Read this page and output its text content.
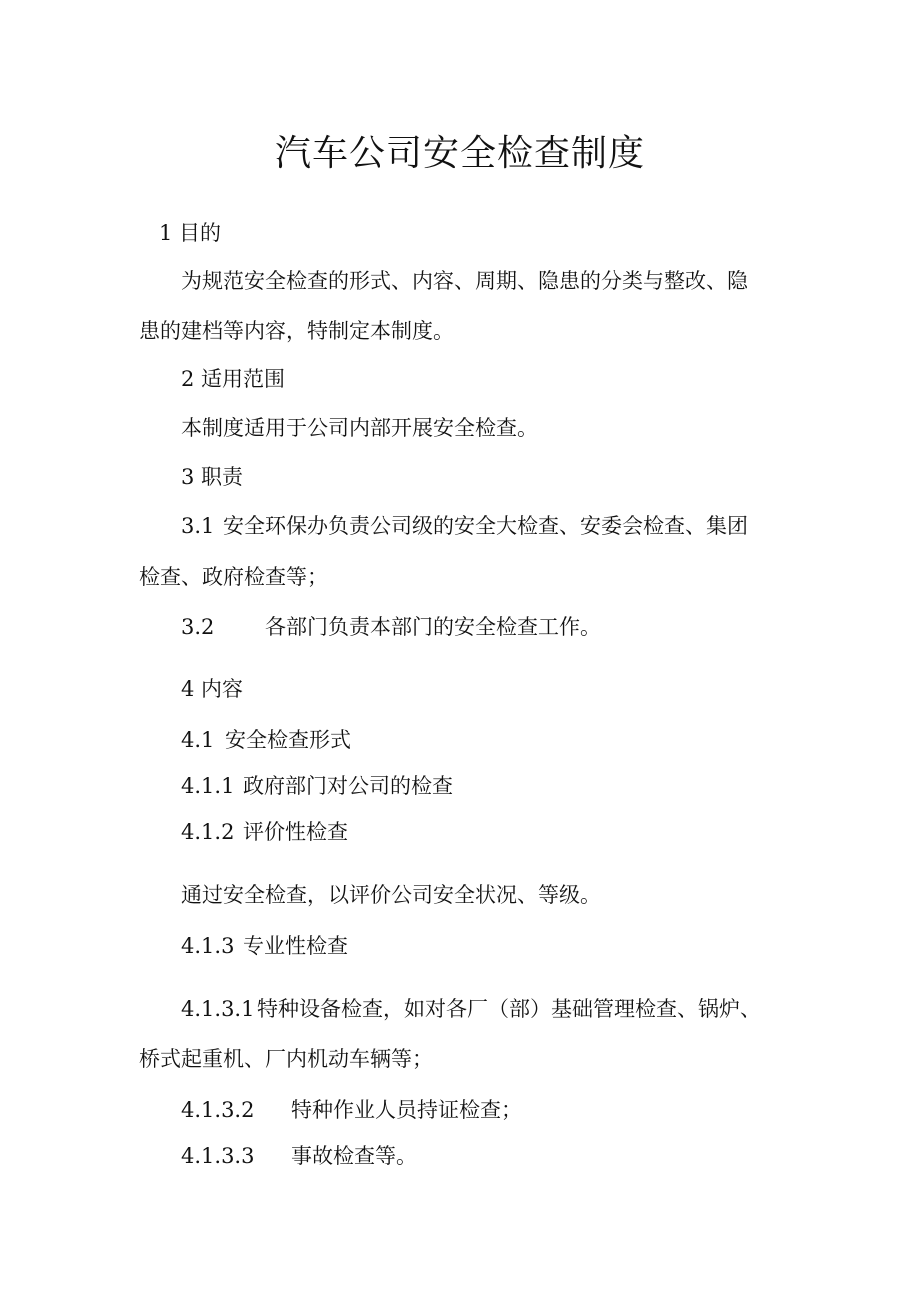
汽车公司安全检查制度
1 目的
为规范安全检查的形式、内容、周期、隐患的分类与整改、隐
患的建档等内容，特制定本制度。
2 适用范围
本制度适用于公司内部开展安全检查。
3 职责
3.1 安全环保办负责公司级的安全大检查、安委会检查、集团
检查、政府检查等；
3.2 各部门负责本部门的安全检查工作。
4 内容
4.1 安全检查形式
4.1.1 政府部门对公司的检查
4.1.2 评价性检查
通过安全检查，以评价公司安全状况、等级。
4.1.3 专业性检查
4.1.3.1 特种设备检查，如对各厂（部）基础管理检查、锅炉、
桥式起重机、厂内机动车辆等；
4.1.3.2 特种作业人员持证检查；
4.1.3.3 事故检查等。
